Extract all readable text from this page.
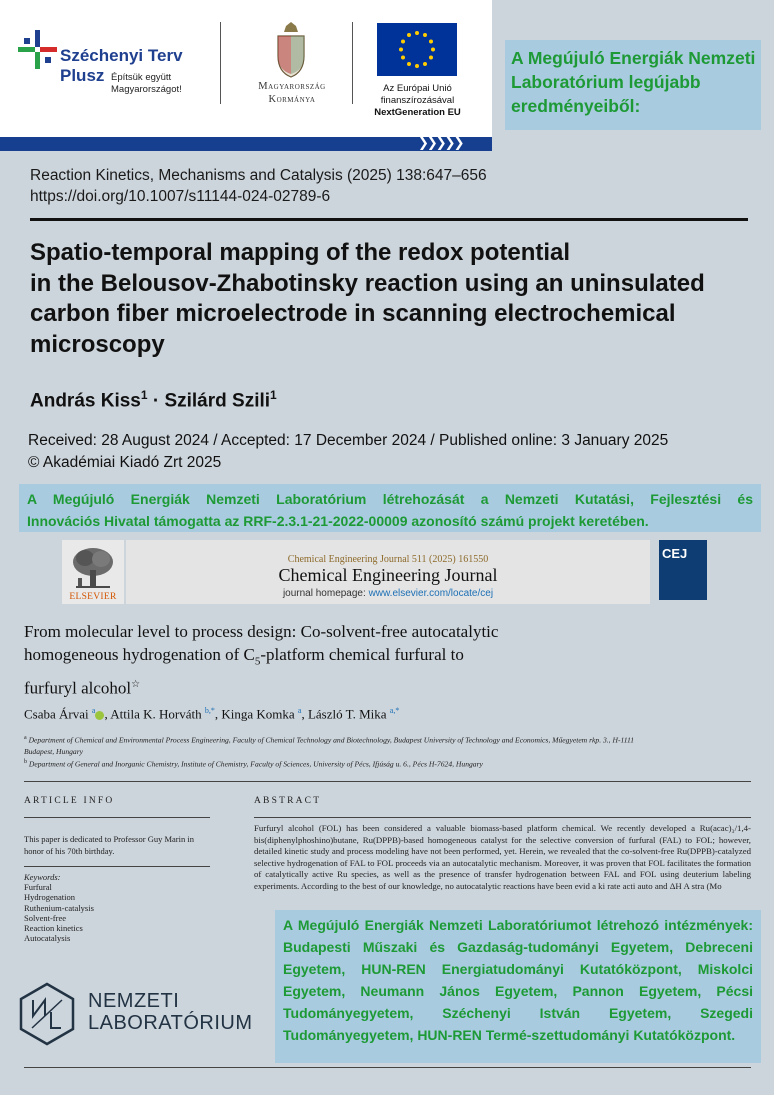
❯❯❯❯❯
Széchenyi Terv
Plusz Építsük együtt Magyarországot!	Magyarország
Kormánya
Az Európai Unió
finanszírozásával
NextGeneration EU
A Megújuló Energiák Nemzeti Laboratórium legújabb eredményeiből:
Reaction Kinetics, Mechanisms and Catalysis (2025) 138:647–656
https://doi.org/10.1007/s11144-024-02789-6
Spatio-temporal mapping of the redox potential
in the Belousov-Zhabotinsky reaction using an uninsulated
carbon fiber microelectrode in scanning electrochemical
microscopy
András Kiss$^1$ · Szilárd Szili$^1$
Received: 28 August 2024 / Accepted: 17 December 2024 / Published online: 3 January 2025
© Akadémiai Kiadó Zrt 2025
A Megújuló Energiák Nemzeti Laboratórium létrehozását a Nemzeti Kutatási, Fejlesztési és
Innovációs Hivatal támogatta az RRF-2.3.1-21-2022-00009 azonosító számú projekt keretében.
ELSEVIER
Chemical Engineering Journal 511 (2025) 161550
Chemical Engineering Journal
journal homepage: www.elsevier.com/locate/cej
CEJ
From molecular level to process design: Co-solvent-free autocatalytic
homogeneous hydrogenation of $C_5$-platform chemical furfural to
furfuryl alcohol☆
Csaba Árvai $^a$ , Attila K. Horváth $^{b,*}$, Kinga Komka $^a$, László T. Mika $^{a,*}$
$^a$ Department of Chemical and Environmental Process Engineering, Faculty of Chemical Technology and Biotechnology, Budapest University of Technology and Economics, Műegyetem rkp. 3., H-1111 Budapest, Hungary
$^b$ Department of General and Inorganic Chemistry, Institute of Chemistry, Faculty of Sciences, University of Pécs, Ifjúság u. 6., Pécs H-7624, Hungary
ARTICLE INFO	ABSTRACT
This paper is dedicated to Professor Guy Marin in honor of his 70th birthday.
Keywords:
Furfural
Hydrogenation
Ruthenium-catalysis
Solvent-free
Reaction kinetics
Autocatalysis
Furfuryl alcohol (FOL) has been considered a valuable biomass-based platform chemical. We recently developed a Ru(acac)₃/1,4-bis(diphenylphoshino)butane, Ru(DPPB)-based homogeneous catalyst for the selective conversion of furfural (FAL) to FOL; however, detailed kinetic study and process modeling have not been performed, yet. Herein, we revealed that the co-solvent-free Ru(DPPB)-catalyzed selective hydrogenation of FAL to FOL proceeds via an autocatalytic mechanism. Moreover, it was proven that FOL facilitates the formation of catalytically active Ru species, as well as the presence of transfer hydrogenation between FAL and FOL using deuterium labeling experiments. According to the best of our knowledge, no autocatalytic reactions have been evid a ki rate acti auto and ΔH A stra (Mo
A Megújuló Energiák Nemzeti Laboratóriumot létrehozó intézmények: Budapesti Műszaki és Gazdaság-tudományi Egyetem, Debreceni Egyetem, HUN-REN Energiatudományi Kutatóközpont, Miskolci Egyetem, Neumann János Egyetem, Pannon Egyetem, Pécsi Tudományegyetem, Széchenyi István Egyetem, Szegedi Tudományegyetem, HUN-REN Termé-szettudományi Kutatóközpont.
NEMZETI
LABORATÓRIUM
